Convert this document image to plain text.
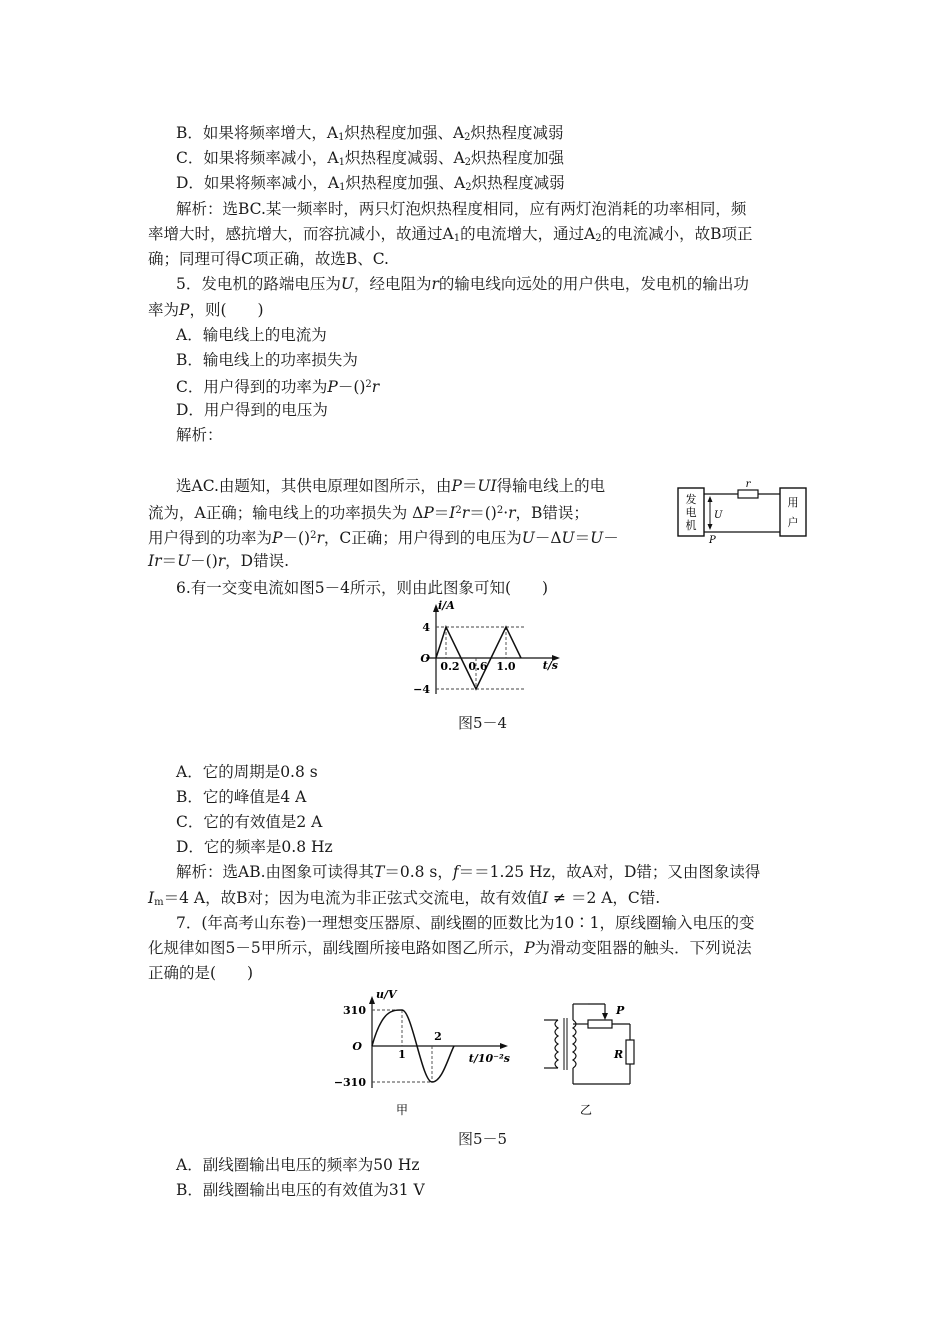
B．如果将频率增大，$A_1$炽热程度加强、$A_2$炽热程度减弱
C．如果将频率减小，$A_1$炽热程度减弱、$A_2$炽热程度加强
D．如果将频率减小，$A_1$炽热程度加强、$A_2$炽热程度减弱
解析：选BC.某一频率时，两只灯泡炽热程度相同，应有两灯泡消耗的功率相同，频
率增大时，感抗增大，而容抗减小，故通过$A_1$的电流增大，通过$A_2$的电流减小，故B项正
确；同理可得C项正确，故选B、C.
5．发电机的路端电压为U，经电阻为r的输电线向远处的用户供电，发电机的输出功
率为P，则(　　)
A．输电线上的电流为
B．输电线上的功率损失为
C．用户得到的功率为P－()$^2$r
D．用户得到的电压为
解析：
选AC.由题知，其供电原理如图所示，由P＝UI得输电线上的电
流为，A正确；输电线上的功率损失为 $\Delta P=I^2r=()^2\cdot r$，B错误；
用户得到的功率为P－()$^2$r，C正确；用户得到的电压为U－ΔU＝U－
Ir＝U－()r，D错误.
发
电
机
用
户
r
U
P
6.有一交变电流如图5－4所示，则由此图象可知(　　)
i/A
t/s
4
−4
O
0.2 0.6 1.0
图5－4
A．它的周期是0.8 s
B．它的峰值是4 A
C．它的有效值是2 A
D．它的频率是0.8 Hz
解析：选AB.由图象可读得其T＝0.8 s，f＝＝1.25 Hz，故A对，D错；又由图象读得
$I_m=4$ A，故B对；因为电流为非正弦式交流电，故有效值I ≠ ＝2 A，C错.
7．(年高考山东卷)一理想变压器原、副线圈的匝数比为10∶1，原线圈输入电压的变
化规律如图5－5甲所示，副线圈所接电路如图乙所示，P为滑动变阻器的触头．下列说法
正确的是(　　)
u/V
t/10⁻²s
310
−310
O
1
2
甲
P
R
乙
图5－5
A．副线圈输出电压的频率为50 Hz
B．副线圈输出电压的有效值为31 V
